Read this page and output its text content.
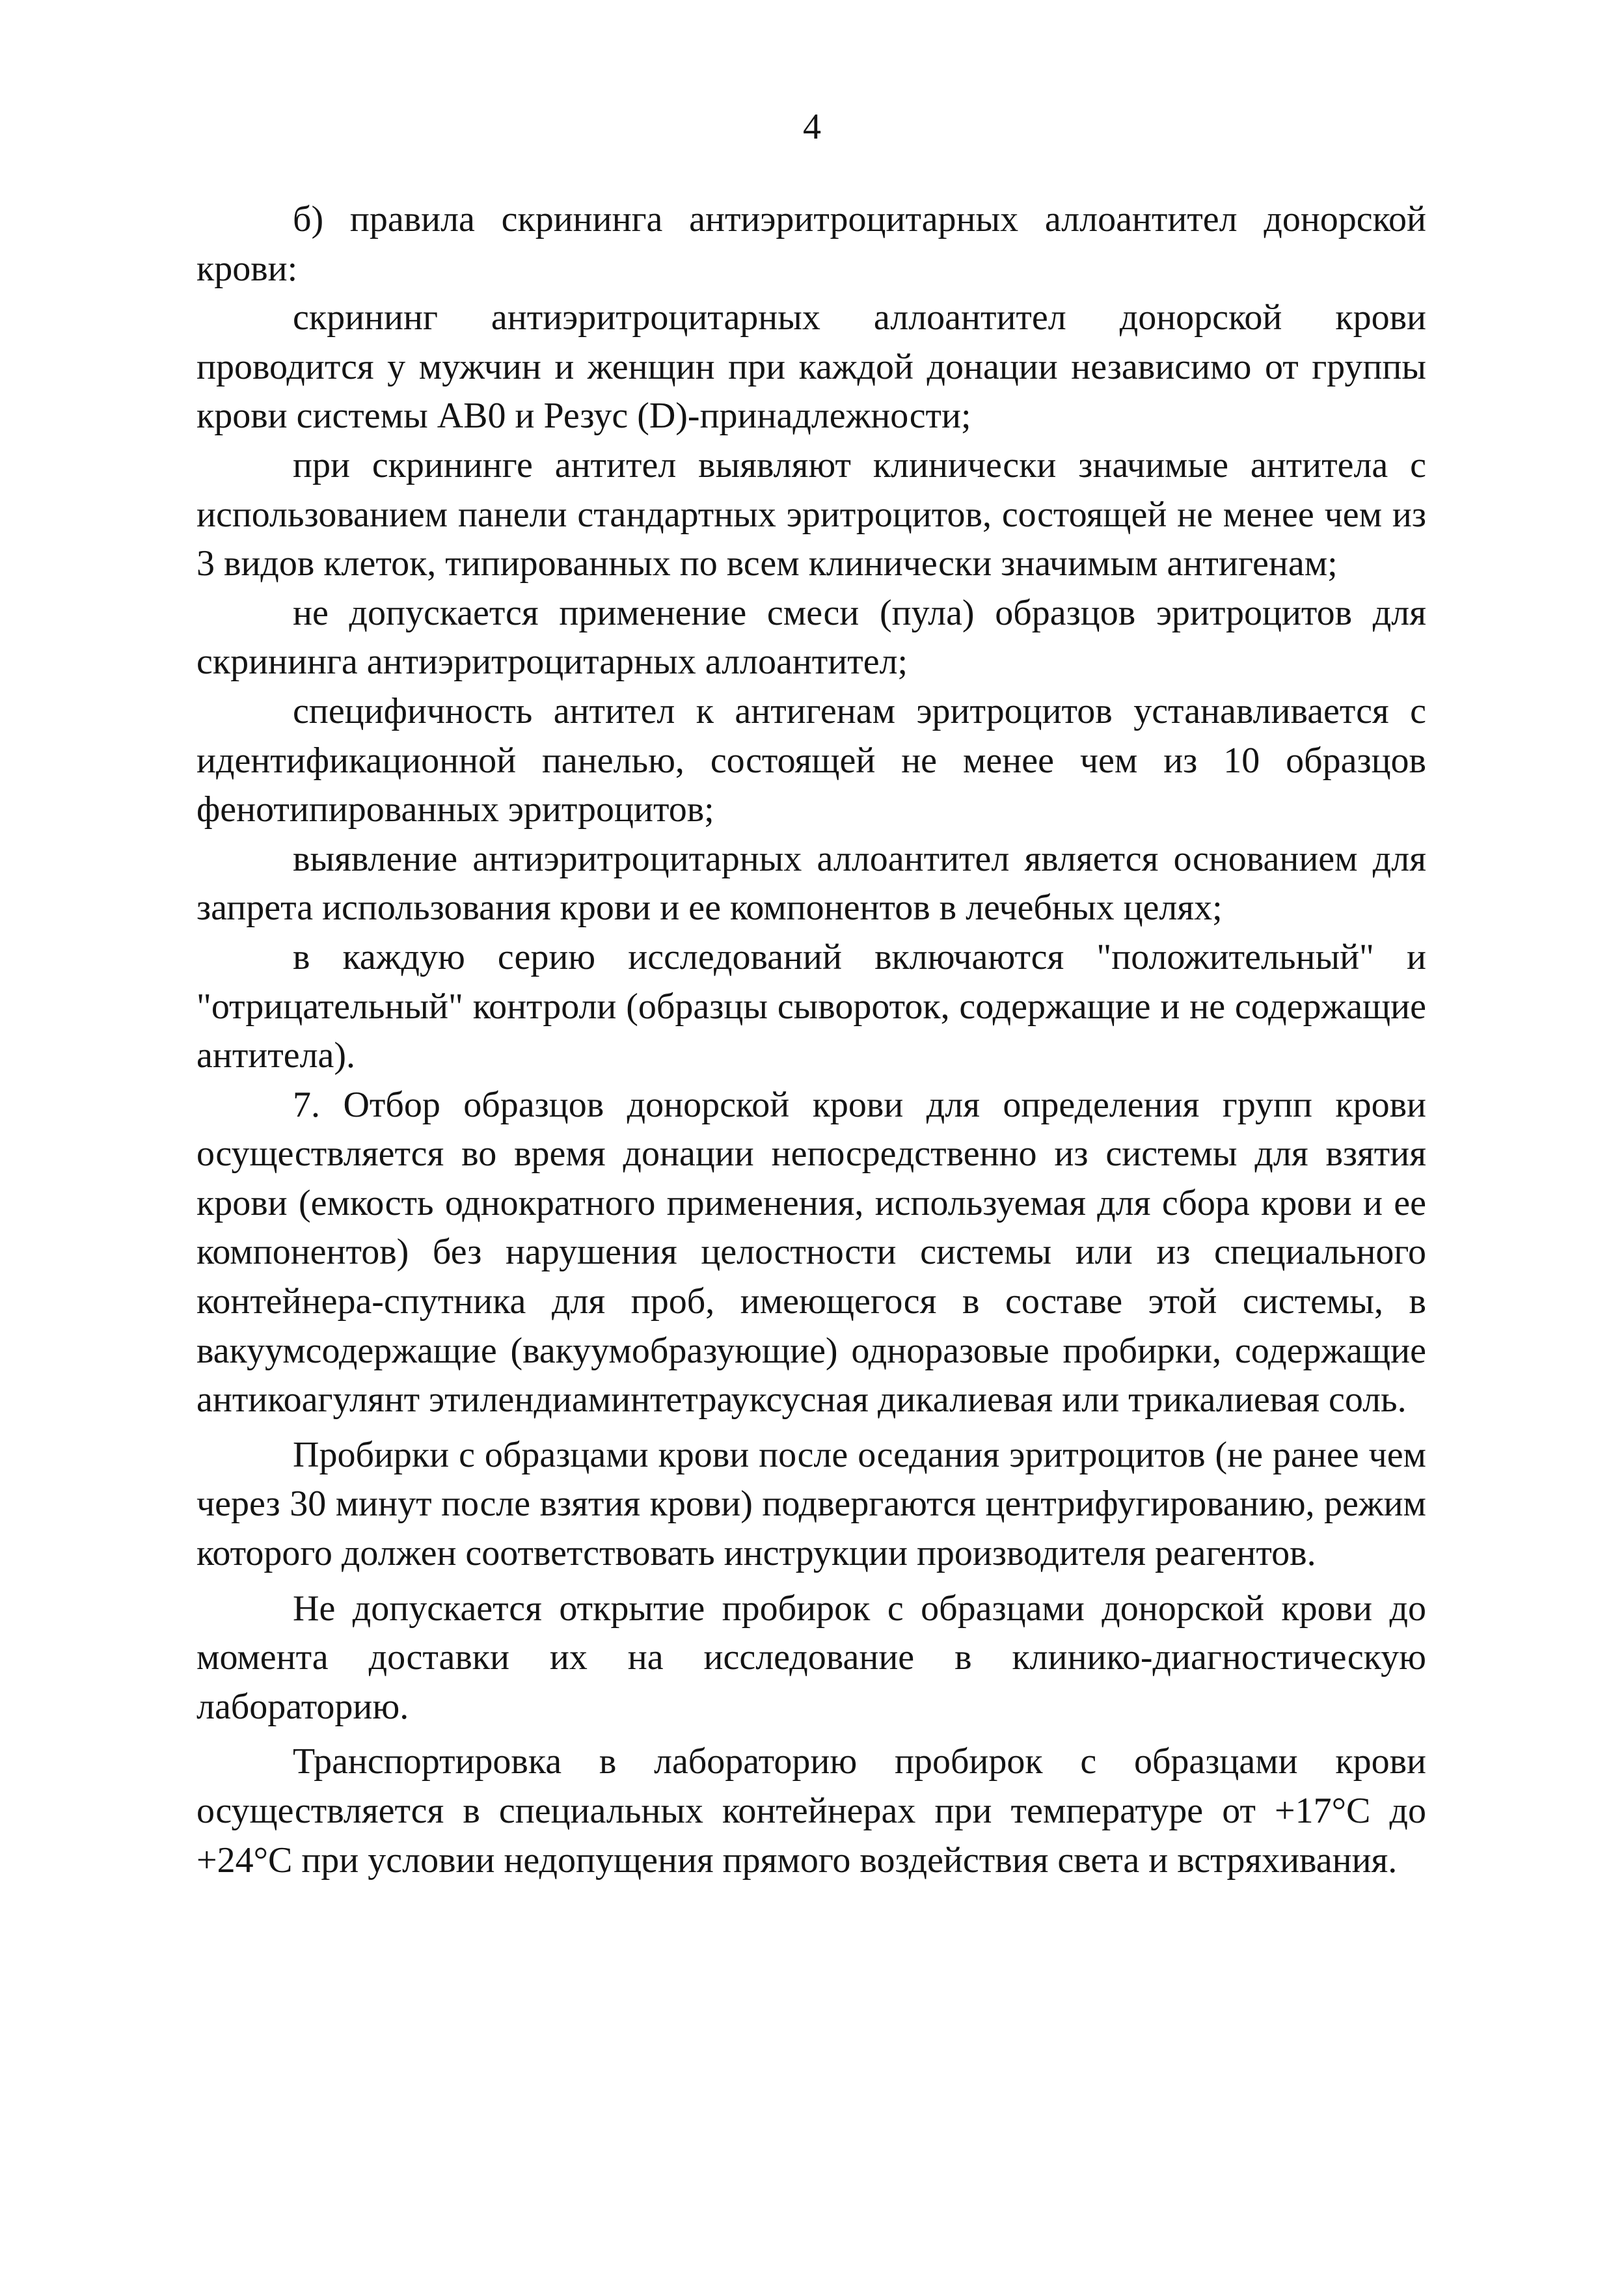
4

б) правила скрининга антиэритроцитарных аллоантител донорской крови:

скрининг антиэритроцитарных аллоантител донорской крови проводится у мужчин и женщин при каждой донации независимо от группы крови системы АВ0 и Резус (D)-принадлежности;

при скрининге антител выявляют клинически значимые антитела с использованием панели стандартных эритроцитов, состоящей не менее чем из 3 видов клеток, типированных по всем клинически значимым антигенам;

не допускается применение смеси (пула) образцов эритроцитов для скрининга антиэритроцитарных аллоантител;

специфичность антител к антигенам эритроцитов устанавливается с идентификационной панелью, состоящей не менее чем из 10 образцов фенотипированных эритроцитов;

выявление антиэритроцитарных аллоантител является основанием для запрета использования крови и ее компонентов в лечебных целях;

в каждую серию исследований включаются "положительный" и "отрицательный" контроли (образцы сывороток, содержащие и не содержащие антитела).

7. Отбор образцов донорской крови для определения групп крови осуществляется во время донации непосредственно из системы для взятия крови (емкость однократного применения, используемая для сбора крови и ее компонентов) без нарушения целостности системы или из специального контейнера-спутника для проб, имеющегося в составе этой системы, в вакуумсодержащие (вакуумобразующие) одноразовые пробирки, содержащие антикоагулянт этилендиаминтетрауксусная дикалиевая или трикалиевая соль.

Пробирки с образцами крови после оседания эритроцитов (не ранее чем через 30 минут после взятия крови) подвергаются центрифугированию, режим которого должен соответствовать инструкции производителя реагентов.

Не допускается открытие пробирок с образцами донорской крови до момента доставки их на исследование в клинико-диагностическую лабораторию.

Транспортировка в лабораторию пробирок с образцами крови осуществляется в специальных контейнерах при температуре от +17°С до +24°С при условии недопущения прямого воздействия света и встряхивания.
